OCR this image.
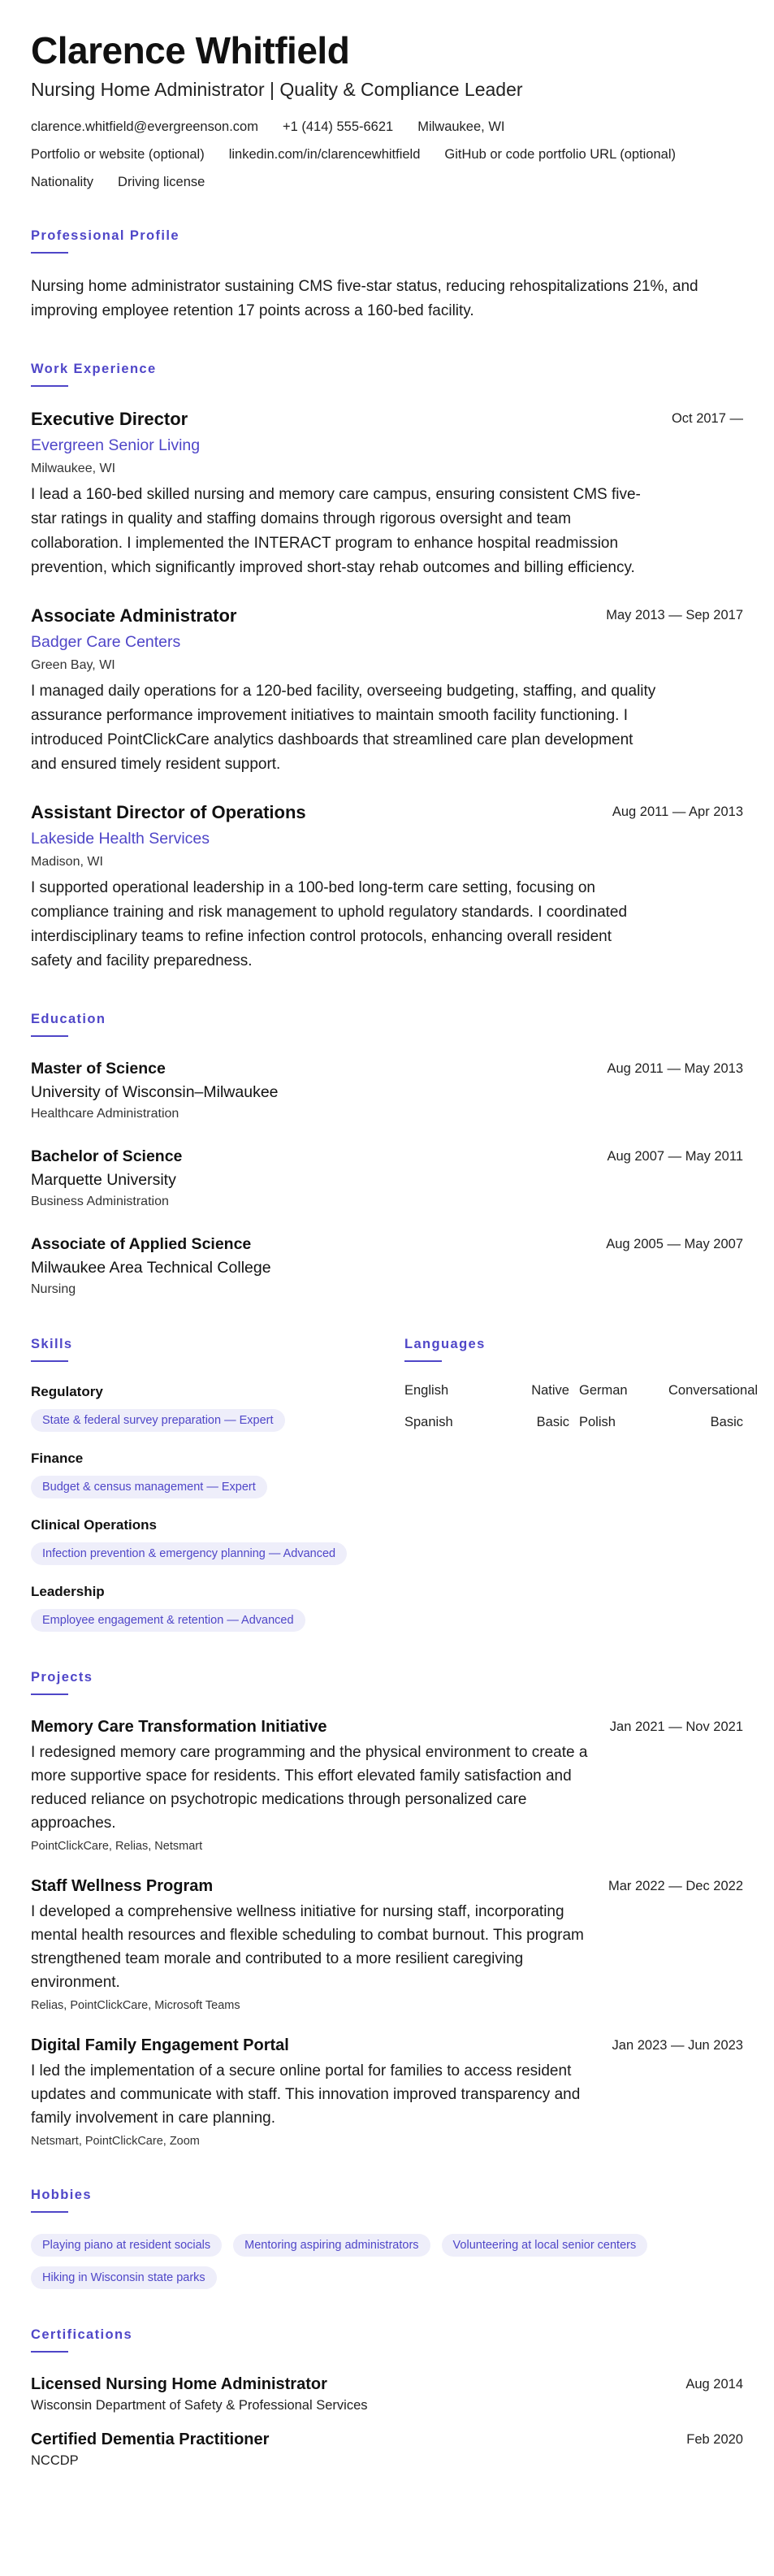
Clarence Whitfield
Nursing Home Administrator | Quality & Compliance Leader
clarence.whitfield@evergreenson.com +1 (414) 555-6621 Milwaukee, WI
Portfolio or website (optional) linkedin.com/in/clarencewhitfield GitHub or code portfolio URL (optional)
Nationality Driving license
Professional Profile

Nursing home administrator sustaining CMS five-star status, reducing rehospitalizations 21%, and improving employee retention 17 points across a 160-bed facility.

Work Experience
Executive Director	Oct 2017 —
Evergreen Senior Living
Milwaukee, WI

I lead a 160-bed skilled nursing and memory care campus, ensuring consistent CMS five-star ratings in quality and staffing domains through rigorous oversight and team collaboration. I implemented the INTERACT program to enhance hospital readmission prevention, which significantly improved short-stay rehab outcomes and billing efficiency.

Associate Administrator	May 2013 — Sep 2017
Badger Care Centers
Green Bay, WI

I managed daily operations for a 120-bed facility, overseeing budgeting, staffing, and quality assurance performance improvement initiatives to maintain smooth facility functioning. I introduced PointClickCare analytics dashboards that streamlined care plan development and ensured timely resident support.

Assistant Director of Operations	Aug 2011 — Apr 2013
Lakeside Health Services
Madison, WI

I supported operational leadership in a 100-bed long-term care setting, focusing on compliance training and risk management to uphold regulatory standards. I coordinated interdisciplinary teams to refine infection control protocols, enhancing overall resident safety and facility preparedness.

Education
Master of Science	Aug 2011 — May 2013
University of Wisconsin–Milwaukee
Healthcare Administration
Bachelor of Science	Aug 2007 — May 2011
Marquette University
Business Administration
Associate of Applied Science	Aug 2005 — May 2007
Milwaukee Area Technical College
Nursing
Skills
Regulatory
State & federal survey preparation — Expert
Finance
Budget & census management — Expert
Clinical Operations
Infection prevention & emergency planning — Advanced
Leadership
Employee engagement & retention — Advanced
Languages
English	Native German	Conversational
Spanish	Basic Polish	Basic
Projects
Memory Care Transformation Initiative	Jan 2021 — Nov 2021

I redesigned memory care programming and the physical environment to create a more supportive space for residents. This effort elevated family satisfaction and reduced reliance on psychotropic medications through personalized care approaches.

PointClickCare, Relias, Netsmart
Staff Wellness Program	Mar 2022 — Dec 2022

I developed a comprehensive wellness initiative for nursing staff, incorporating mental health resources and flexible scheduling to combat burnout. This program strengthened team morale and contributed to a more resilient caregiving environment.

Relias, PointClickCare, Microsoft Teams
Digital Family Engagement Portal	Jan 2023 — Jun 2023

I led the implementation of a secure online portal for families to access resident updates and communicate with staff. This innovation improved transparency and family involvement in care planning.

Netsmart, PointClickCare, Zoom
Hobbies
Playing piano at resident socials	Mentoring aspiring administrators	Volunteering at local senior centers
Hiking in Wisconsin state parks
Certifications
Licensed Nursing Home Administrator	Aug 2014
Wisconsin Department of Safety & Professional Services
Certified Dementia Practitioner	Feb 2020
NCCDP
